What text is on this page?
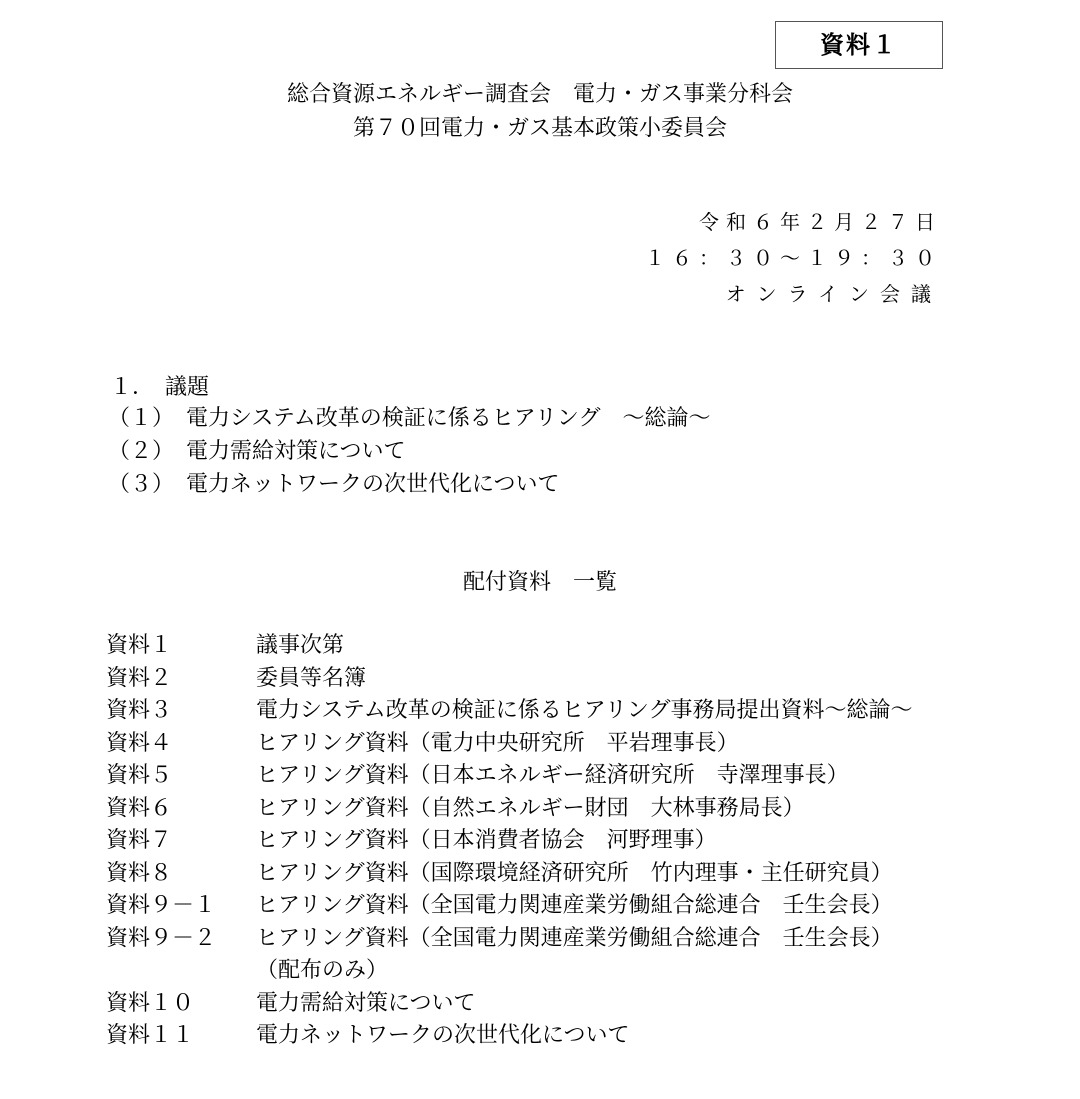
資料１
総合資源エネルギー調査会　電力・ガス事業分科会
第７０回電力・ガス基本政策小委員会
令和６年２月２７日
１６：３０～１９：３０
オンライン会議
１．　議題
（１） 電力システム改革の検証に係るヒアリング　～総論～
（２） 電力需給対策について
（３） 電力ネットワークの次世代化について
配付資料　一覧
資料１	議事次第
資料２	委員等名簿
資料３	電力システム改革の検証に係るヒアリング事務局提出資料～総論～
資料４	ヒアリング資料（電力中央研究所　平岩理事長）
資料５	ヒアリング資料（日本エネルギー経済研究所　寺澤理事長）
資料６	ヒアリング資料（自然エネルギー財団　大林事務局長）
資料７	ヒアリング資料（日本消費者協会　河野理事）
資料８	ヒアリング資料（国際環境経済研究所　竹内理事・主任研究員）
資料９－１ ヒアリング資料（全国電力関連産業労働組合総連合　壬生会長）
資料９－２ ヒアリング資料（全国電力関連産業労働組合総連合　壬生会長）
（配布のみ）
資料１０	電力需給対策について
資料１１	電力ネットワークの次世代化について
